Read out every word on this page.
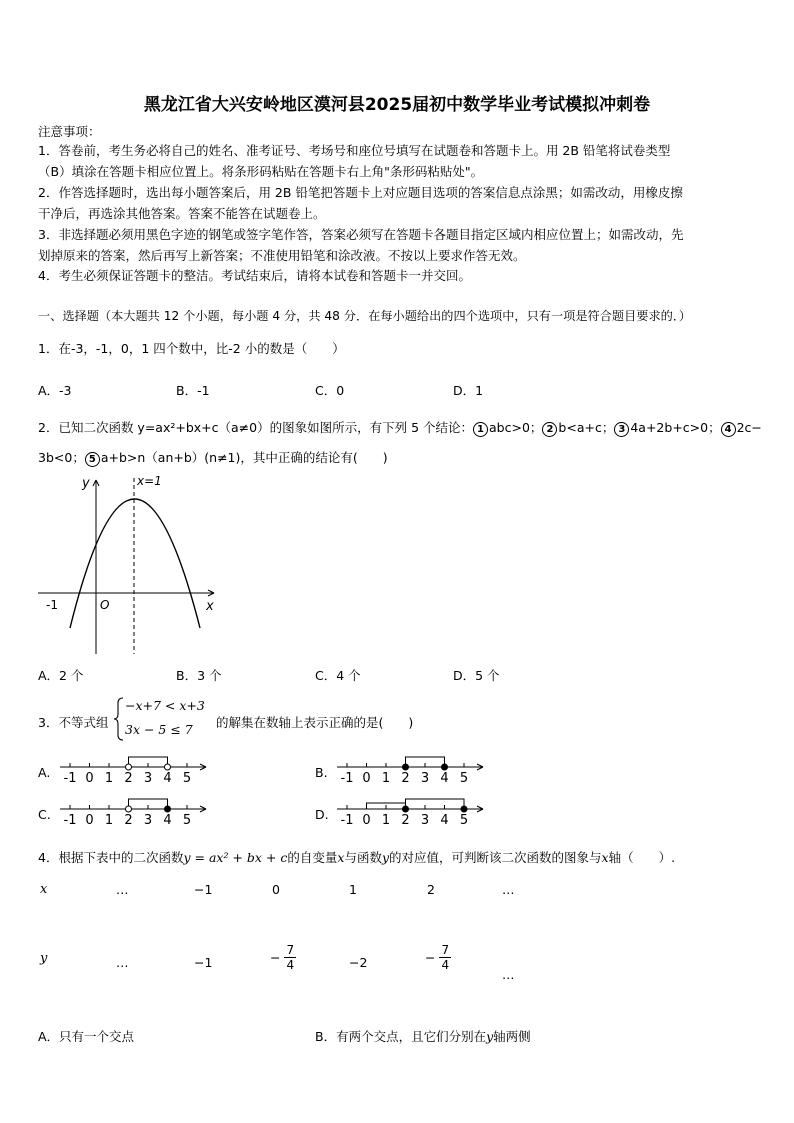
黑龙江省大兴安岭地区漠河县2025届初中数学毕业考试模拟冲刺卷
注意事项：
1．答卷前，考生务必将自己的姓名、准考证号、考场号和座位号填写在试题卷和答题卡上。用 2B 铅笔将试卷类型
（B）填涂在答题卡相应位置上。将条形码粘贴在答题卡右上角"条形码粘贴处"。
2．作答选择题时，选出每小题答案后，用 2B 铅笔把答题卡上对应题目选项的答案信息点涂黑；如需改动，用橡皮擦
干净后，再选涂其他答案。答案不能答在试题卷上。
3．非选择题必须用黑色字迹的钢笔或签字笔作答，答案必须写在答题卡各题目指定区域内相应位置上；如需改动，先
划掉原来的答案，然后再写上新答案；不准使用铅笔和涂改液。不按以上要求作答无效。
4．考生必须保证答题卡的整洁。考试结束后，请将本试卷和答题卡一并交回。
一、选择题（本大题共 12 个小题，每小题 4 分，共 48 分．在每小题给出的四个选项中，只有一项是符合题目要求的．）
1．在-3，-1，0，1 四个数中，比-2 小的数是（　　）
A．-3	B．-1	C．0	D．1
2．已知二次函数 y=ax²+bx+c（a≠0）的图象如图所示，有下列 5 个结论： 1 abc>0； 2 b<a+c； 3 4a+2b+c>0； 4 2c−
3b<0； 5 a+b>n（an+b）(n≠1)，其中正确的结论有(　　)
y
x
O
-1
x=1
A．2 个	B．3 个	C．4 个	D．5 个
3．不等式组
−x+7 < x+3
3x − 5 ≤ 7 的解集在数轴上表示正确的是(　　)
A.	B.
C.	D.
-1 0 1 2 3 4 5	-1 0 1 2 3 4 5
-1 0 1 2 3 4 5	-1 0 1 2 3 4 5
4．根据下表中的二次函数y = ax² + bx + c的自变量x与函数y的对应值，可判断该二次函数的图象与x轴（　　）.
x	…	−1	0	1	2	…
y	…	−1	− $\frac{7}{4}$	−2	− $\frac{7}{4}$
…
A．只有一个交点	B．有两个交点，且它们分别在y轴两侧
